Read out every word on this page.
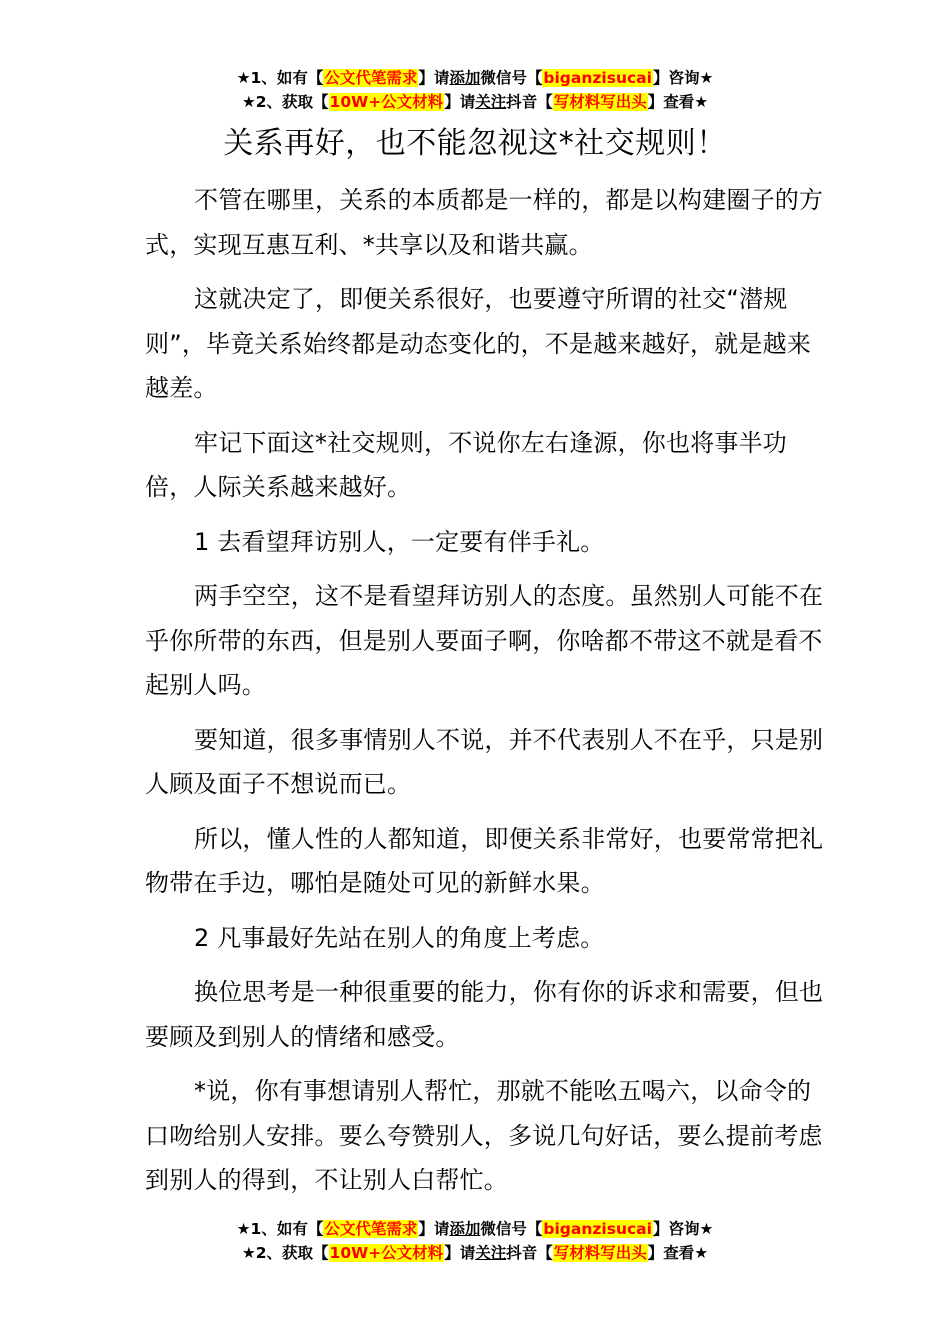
★1、如有【公文代笔需求】请添加微信号【biganzisucai】咨询★
★2、获取【10W+公文材料】请关注抖音【写材料写出头】查看★
关系再好，也不能忽视这*社交规则！

不管在哪里，关系的本质都是一样的，都是以构建圈子的方式，实现互惠互利、*共享以及和谐共赢。

这就决定了，即便关系很好，也要遵守所谓的社交“潜规则”，毕竟关系始终都是动态变化的，不是越来越好，就是越来越差。

牢记下面这*社交规则，不说你左右逢源，你也将事半功倍，人际关系越来越好。

1 去看望拜访别人，一定要有伴手礼。

两手空空，这不是看望拜访别人的态度。虽然别人可能不在乎你所带的东西，但是别人要面子啊，你啥都不带这不就是看不起别人吗。

要知道，很多事情别人不说，并不代表别人不在乎，只是别人顾及面子不想说而已。

所以，懂人性的人都知道，即便关系非常好，也要常常把礼物带在手边，哪怕是随处可见的新鲜水果。

2 凡事最好先站在别人的角度上考虑。

换位思考是一种很重要的能力，你有你的诉求和需要，但也要顾及到别人的情绪和感受。

*说，你有事想请别人帮忙，那就不能吆五喝六，以命令的口吻给别人安排。要么夸赞别人，多说几句好话，要么提前考虑到别人的得到，不让别人白帮忙。

★1、如有【公文代笔需求】请添加微信号【biganzisucai】咨询★
★2、获取【10W+公文材料】请关注抖音【写材料写出头】查看★
